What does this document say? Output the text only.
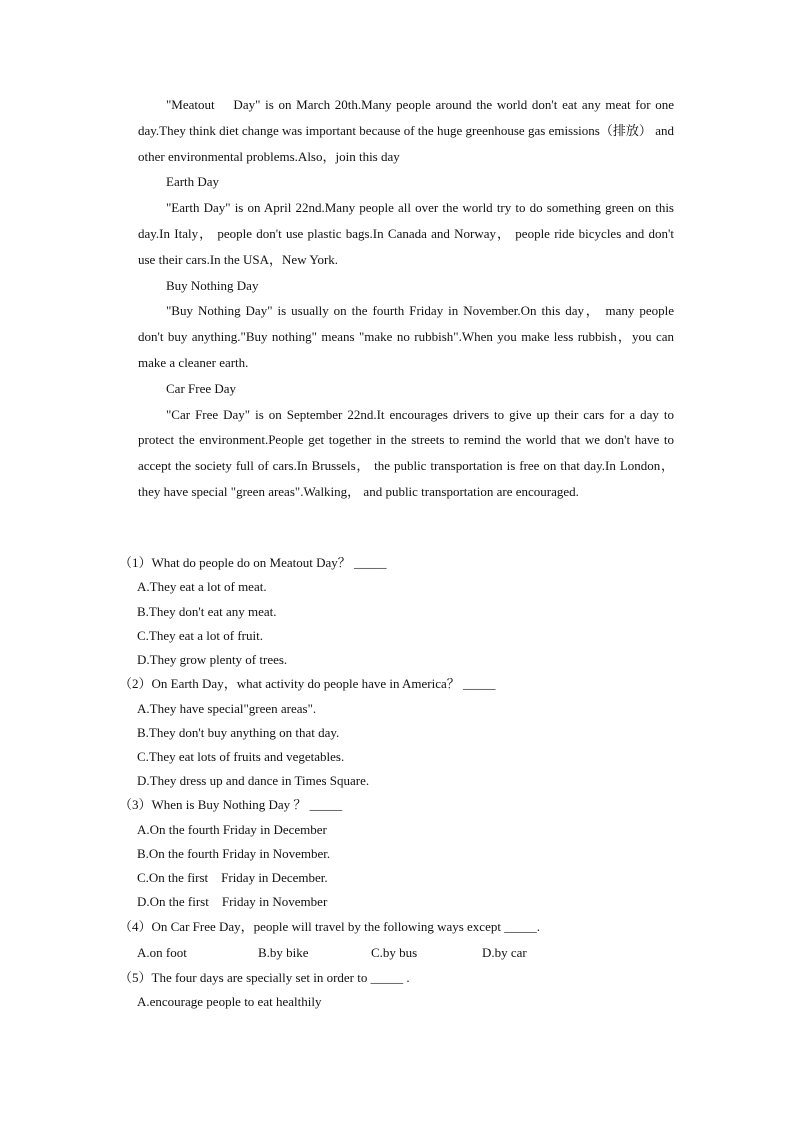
"Meatout    Day" is on March 20th.Many people around the world don't eat any meat for one day.They think diet change was important because of the huge greenhouse gas emissions（排放） and other environmental problems.Also，join this day

Earth Day

"Earth Day" is on April 22nd.Many people all over the world try to do something green on this day.In Italy， people don't use plastic bags.In Canada and Norway， people ride bicycles and don't use their cars.In the USA，New York.

Buy Nothing Day

"Buy Nothing Day" is usually on the fourth Friday in November.On this day， many people don't buy anything."Buy nothing" means "make no rubbish".When you make less rubbish，you can make a cleaner earth.

Car Free Day

"Car Free Day" is on September 22nd.It encourages drivers to give up their cars for a day to protect the environment.People get together in the streets to remind the world that we don't have to accept the society full of cars.In Brussels， the public transportation is free on that day.In London， they have special "green areas".Walking， and public transportation are encouraged.

（1）What do people do on Meatout Day？ _____

A.They eat a lot of meat.

B.They don't eat any meat.

C.They eat a lot of fruit.

D.They grow plenty of trees.

（2）On Earth Day，what activity do people have in America？ _____

A.They have special"green areas".

B.They don't buy anything on that day.

C.They eat lots of fruits and vegetables.

D.They dress up and dance in Times Square.

（3）When is Buy Nothing Day ？ _____

A.On the fourth Friday in December

B.On the fourth Friday in November.

C.On the first    Friday in December.

D.On the first    Friday in November

（4）On Car Free Day，people will travel by the following ways except _____.

A.on foot	B.by bike	C.by bus	D.by car

（5）The four days are specially set in order to _____ .

A.encourage people to eat healthily
